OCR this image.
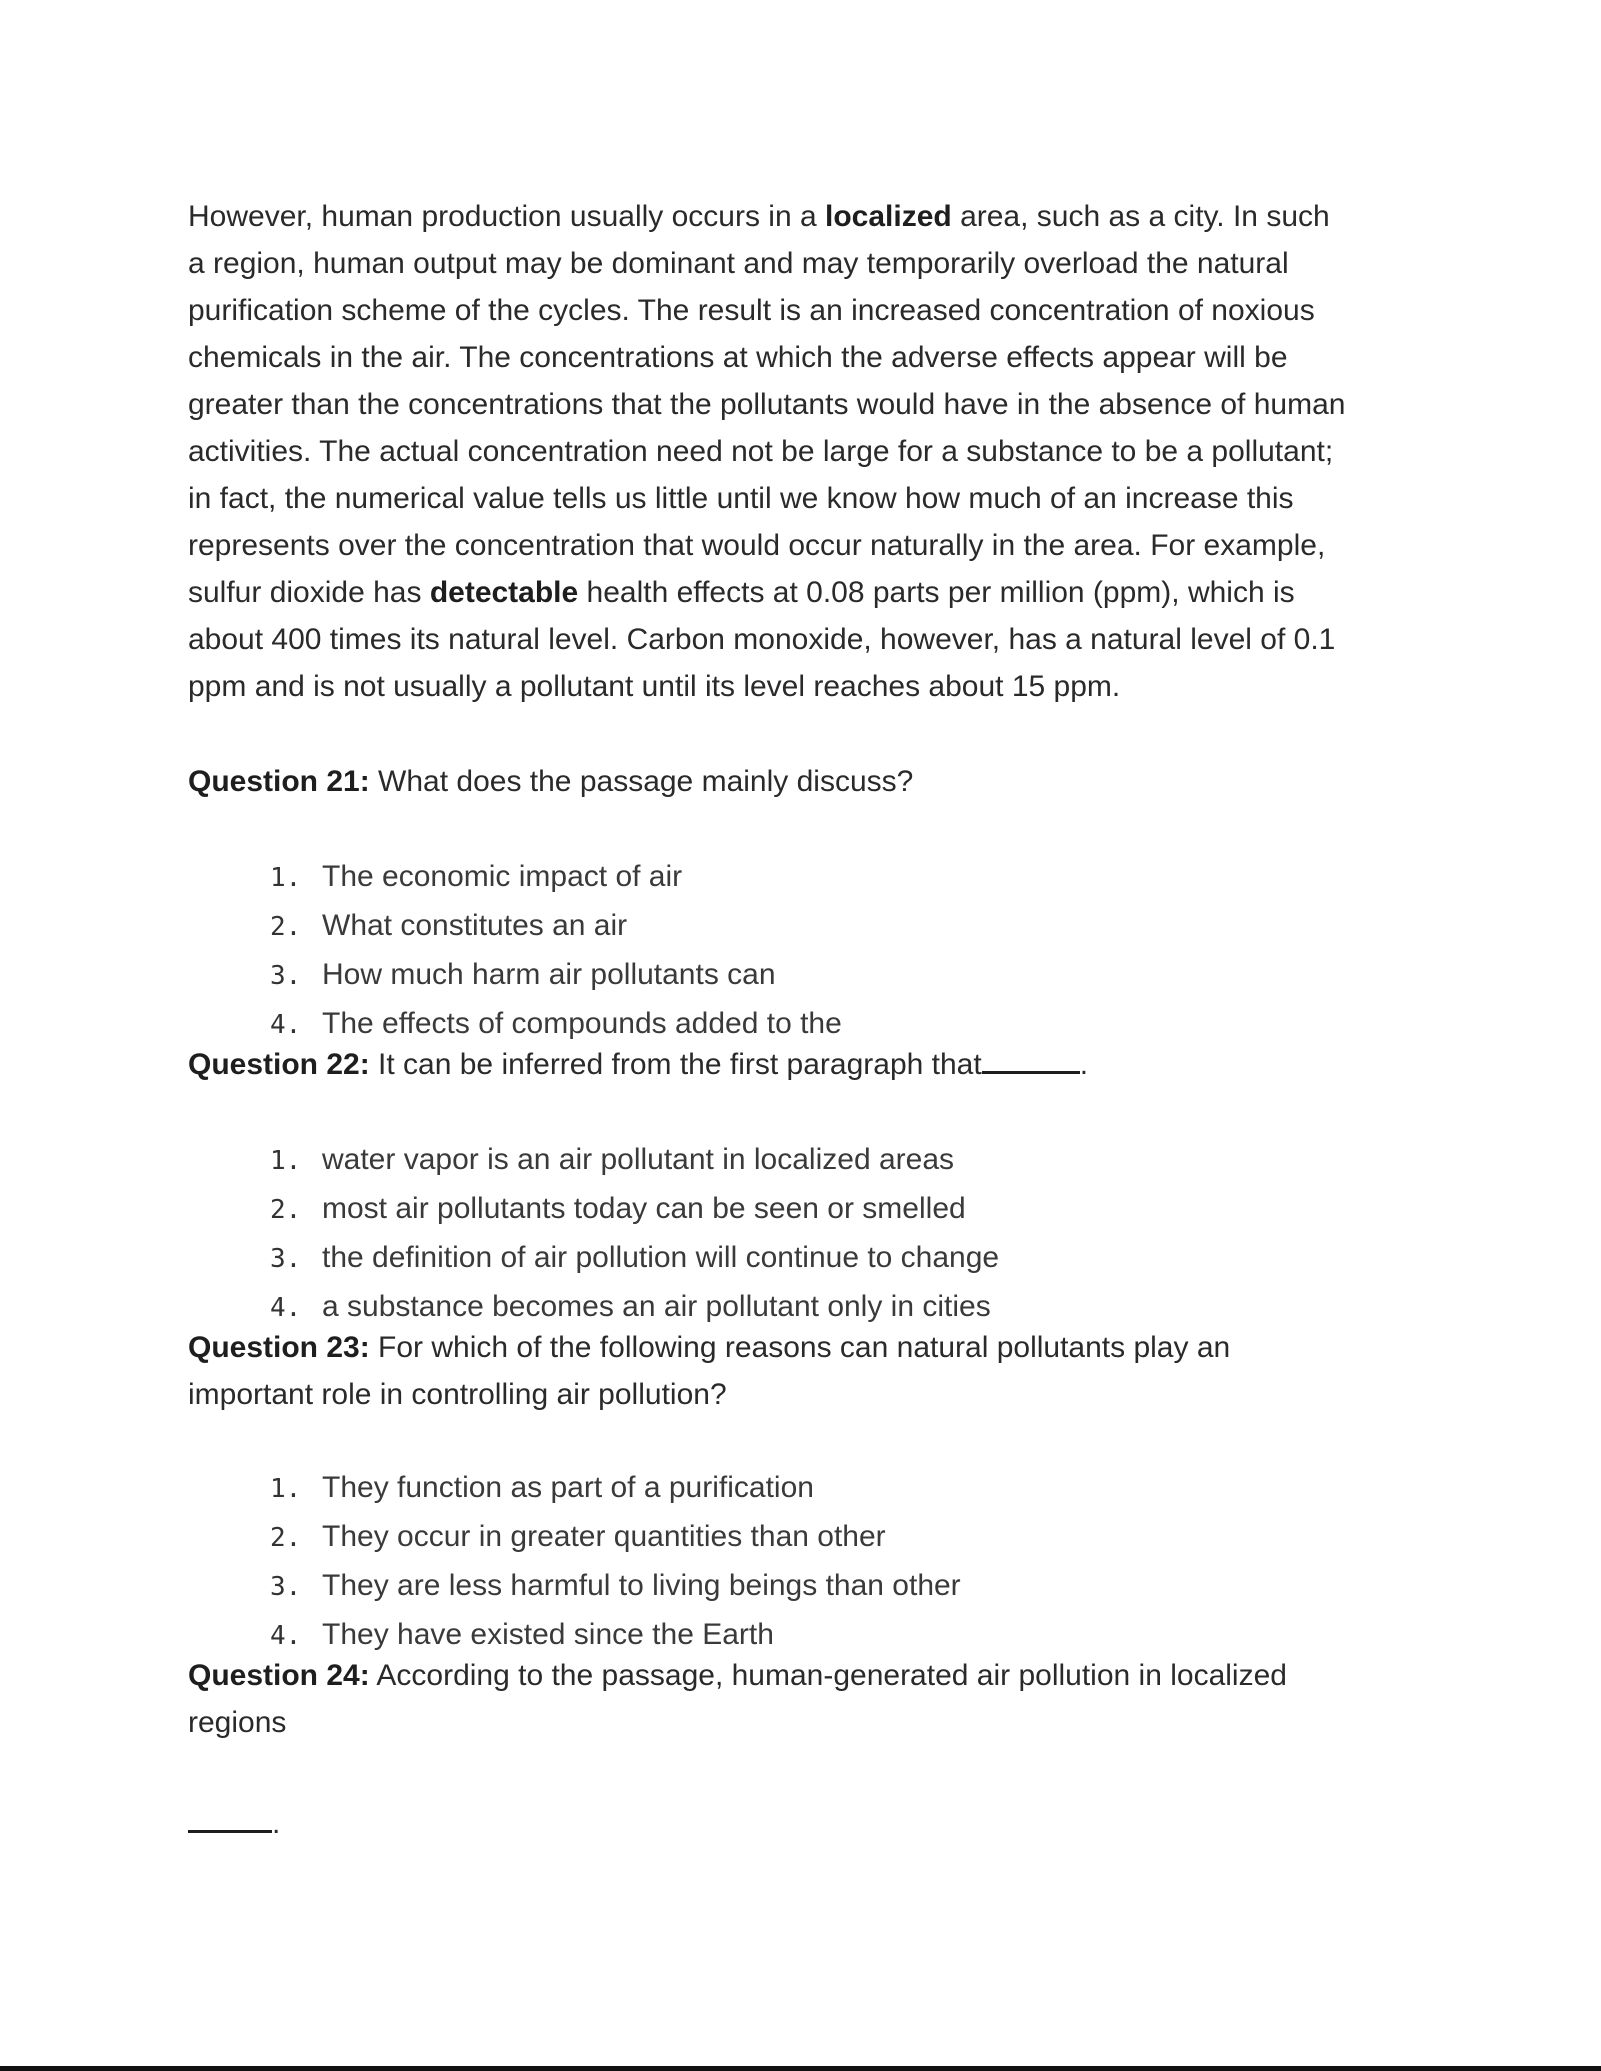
However, human production usually occurs in a localized area, such as a city. In such
a region, human output may be dominant and may temporarily overload the natural
purification scheme of the cycles. The result is an increased concentration of noxious
chemicals in the air. The concentrations at which the adverse effects appear will be
greater than the concentrations that the pollutants would have in the absence of human
activities. The actual concentration need not be large for a substance to be a pollutant;
in fact, the numerical value tells us little until we know how much of an increase this
represents over the concentration that would occur naturally in the area. For example,
sulfur dioxide has detectable health effects at 0.08 parts per million (ppm), which is
about 400 times its natural level. Carbon monoxide, however, has a natural level of 0.1
ppm and is not usually a pollutant until its level reaches about 15 ppm.
Question 21: What does the passage mainly discuss?
1. The economic impact of air
2. What constitutes an air
3. How much harm air pollutants can
4. The effects of compounds added to the
Question 22: It can be inferred from the first paragraph that	.
1. water vapor is an air pollutant in localized areas
2. most air pollutants today can be seen or smelled
3. the definition of air pollution will continue to change
4. a substance becomes an air pollutant only in cities
Question 23: For which of the following reasons can natural pollutants play an
important role in controlling air pollution?
1. They function as part of a purification
2. They occur in greater quantities than other
3. They are less harmful to living beings than other
4. They have existed since the Earth
Question 24: According to the passage, human-generated air pollution in localized
regions
.
